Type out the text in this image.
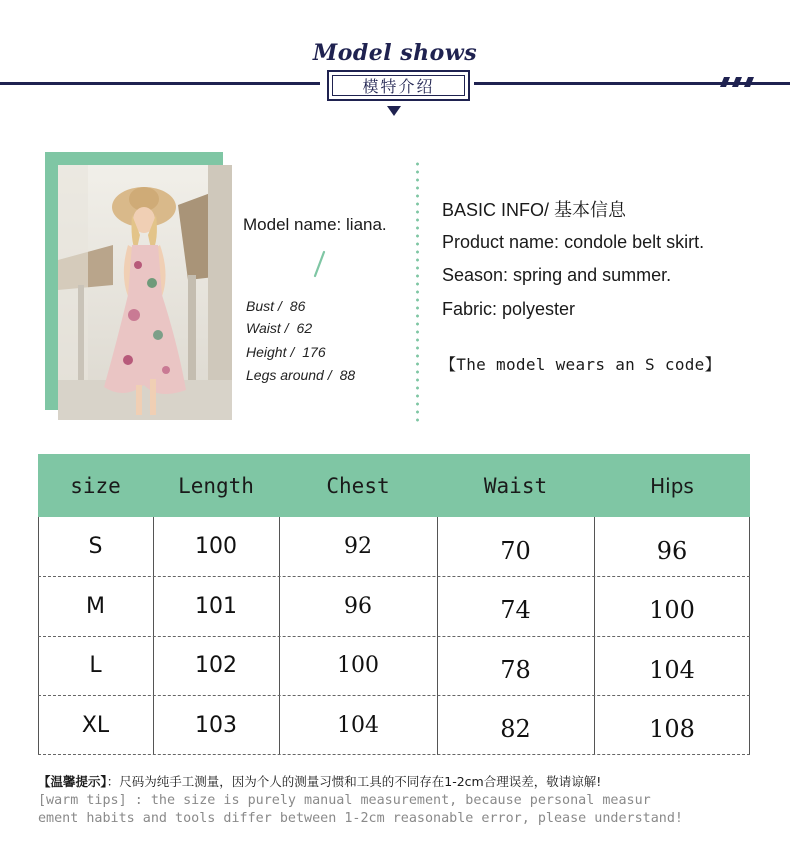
Model shows
模特介绍
Model name: liana.
Bust / 86
Waist / 62
Height / 176
Legs around / 88
BASIC INFO/ 基本信息
Product name: condole belt skirt.
Season: spring and summer.
Fabric: polyester
【The model wears an S code】
size	Length	Chest	Waist	Hips
S	100	92	70	96
M	101	96	74	100
L	102	100	78	104
XL	103	104	82	108
【温馨提示】：尺码为纯手工测量，因为个人的测量习惯和工具的不同存在1-2cm合理误差，敬请谅解!
[warm tips] : the size is purely manual measurement, because personal measur
ement habits and tools differ between 1-2cm reasonable error, please understand!
